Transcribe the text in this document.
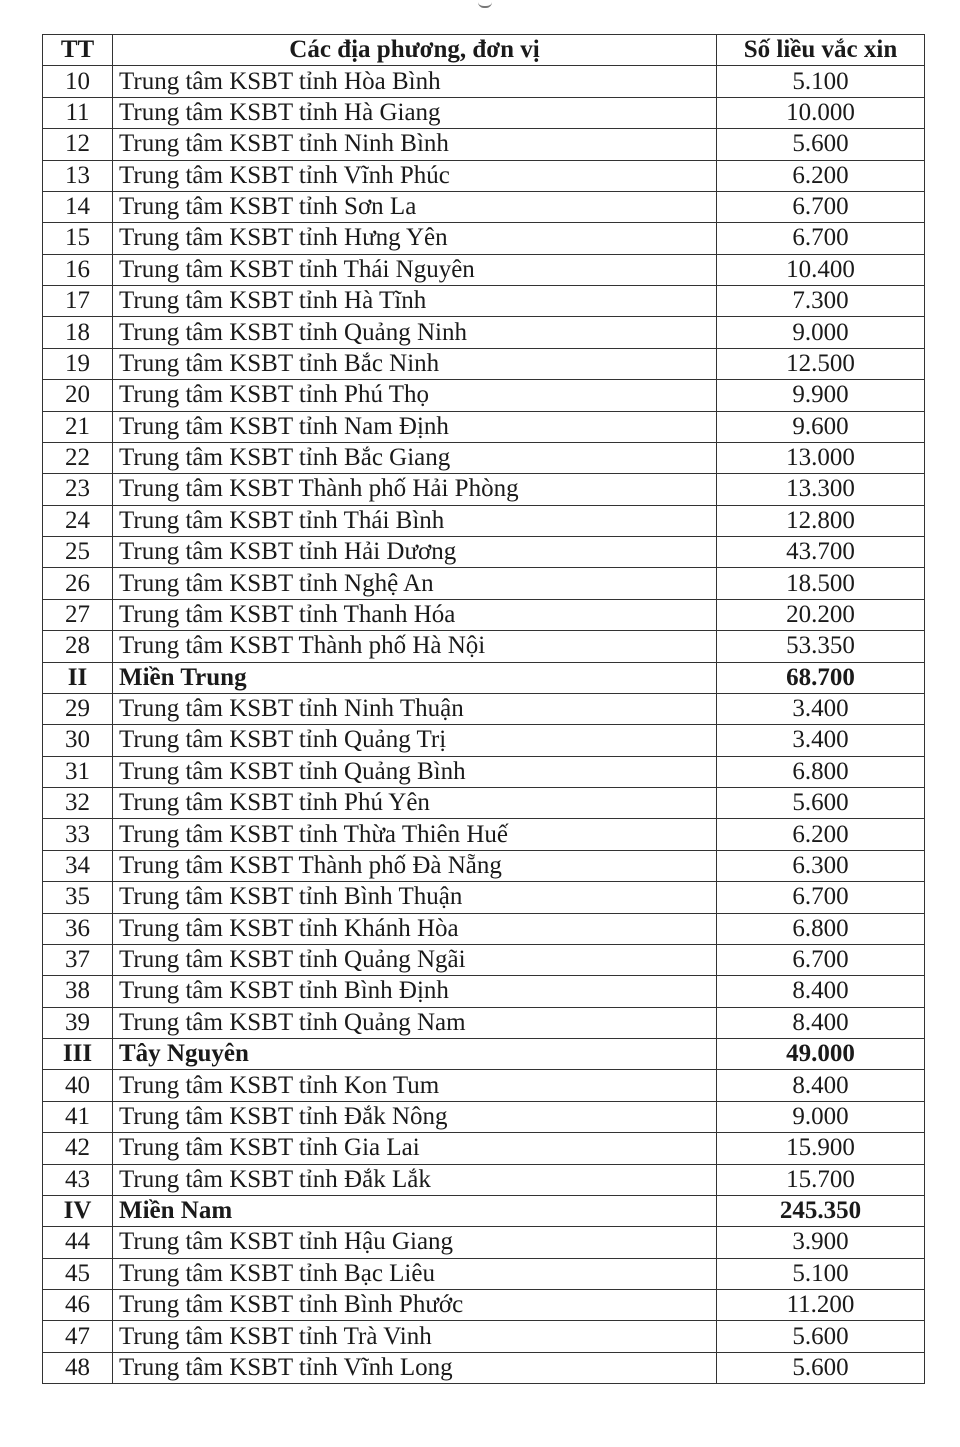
TT	Các địa phương, đơn vị	Số liều vắc xin
10	Trung tâm KSBT tỉnh Hòa Bình	5.100
11	Trung tâm KSBT tỉnh Hà Giang	10.000
12	Trung tâm KSBT tỉnh Ninh Bình	5.600
13	Trung tâm KSBT tỉnh Vĩnh Phúc	6.200
14	Trung tâm KSBT tỉnh Sơn La	6.700
15	Trung tâm KSBT tỉnh Hưng Yên	6.700
16	Trung tâm KSBT tỉnh Thái Nguyên	10.400
17	Trung tâm KSBT tỉnh Hà Tĩnh	7.300
18	Trung tâm KSBT tỉnh Quảng Ninh	9.000
19	Trung tâm KSBT tỉnh Bắc Ninh	12.500
20	Trung tâm KSBT tỉnh Phú Thọ	9.900
21	Trung tâm KSBT tỉnh Nam Định	9.600
22	Trung tâm KSBT tỉnh Bắc Giang	13.000
23	Trung tâm KSBT Thành phố Hải Phòng	13.300
24	Trung tâm KSBT tỉnh Thái Bình	12.800
25	Trung tâm KSBT tỉnh Hải Dương	43.700
26	Trung tâm KSBT tỉnh Nghệ An	18.500
27	Trung tâm KSBT tỉnh Thanh Hóa	20.200
28	Trung tâm KSBT Thành phố Hà Nội	53.350
II	Miền Trung	68.700
29	Trung tâm KSBT tỉnh Ninh Thuận	3.400
30	Trung tâm KSBT tỉnh Quảng Trị	3.400
31	Trung tâm KSBT tỉnh Quảng Bình	6.800
32	Trung tâm KSBT tỉnh Phú Yên	5.600
33	Trung tâm KSBT tỉnh Thừa Thiên Huế	6.200
34	Trung tâm KSBT Thành phố Đà Nẵng	6.300
35	Trung tâm KSBT tỉnh Bình Thuận	6.700
36	Trung tâm KSBT tỉnh Khánh Hòa	6.800
37	Trung tâm KSBT tỉnh Quảng Ngãi	6.700
38	Trung tâm KSBT tỉnh Bình Định	8.400
39	Trung tâm KSBT tỉnh Quảng Nam	8.400
III	Tây Nguyên	49.000
40	Trung tâm KSBT tỉnh Kon Tum	8.400
41	Trung tâm KSBT tỉnh Đắk Nông	9.000
42	Trung tâm KSBT tỉnh Gia Lai	15.900
43	Trung tâm KSBT tỉnh Đắk Lắk	15.700
IV	Miền Nam	245.350
44	Trung tâm KSBT tỉnh Hậu Giang	3.900
45	Trung tâm KSBT tỉnh Bạc Liêu	5.100
46	Trung tâm KSBT tỉnh Bình Phước	11.200
47	Trung tâm KSBT tỉnh Trà Vinh	5.600
48	Trung tâm KSBT tỉnh Vĩnh Long	5.600
